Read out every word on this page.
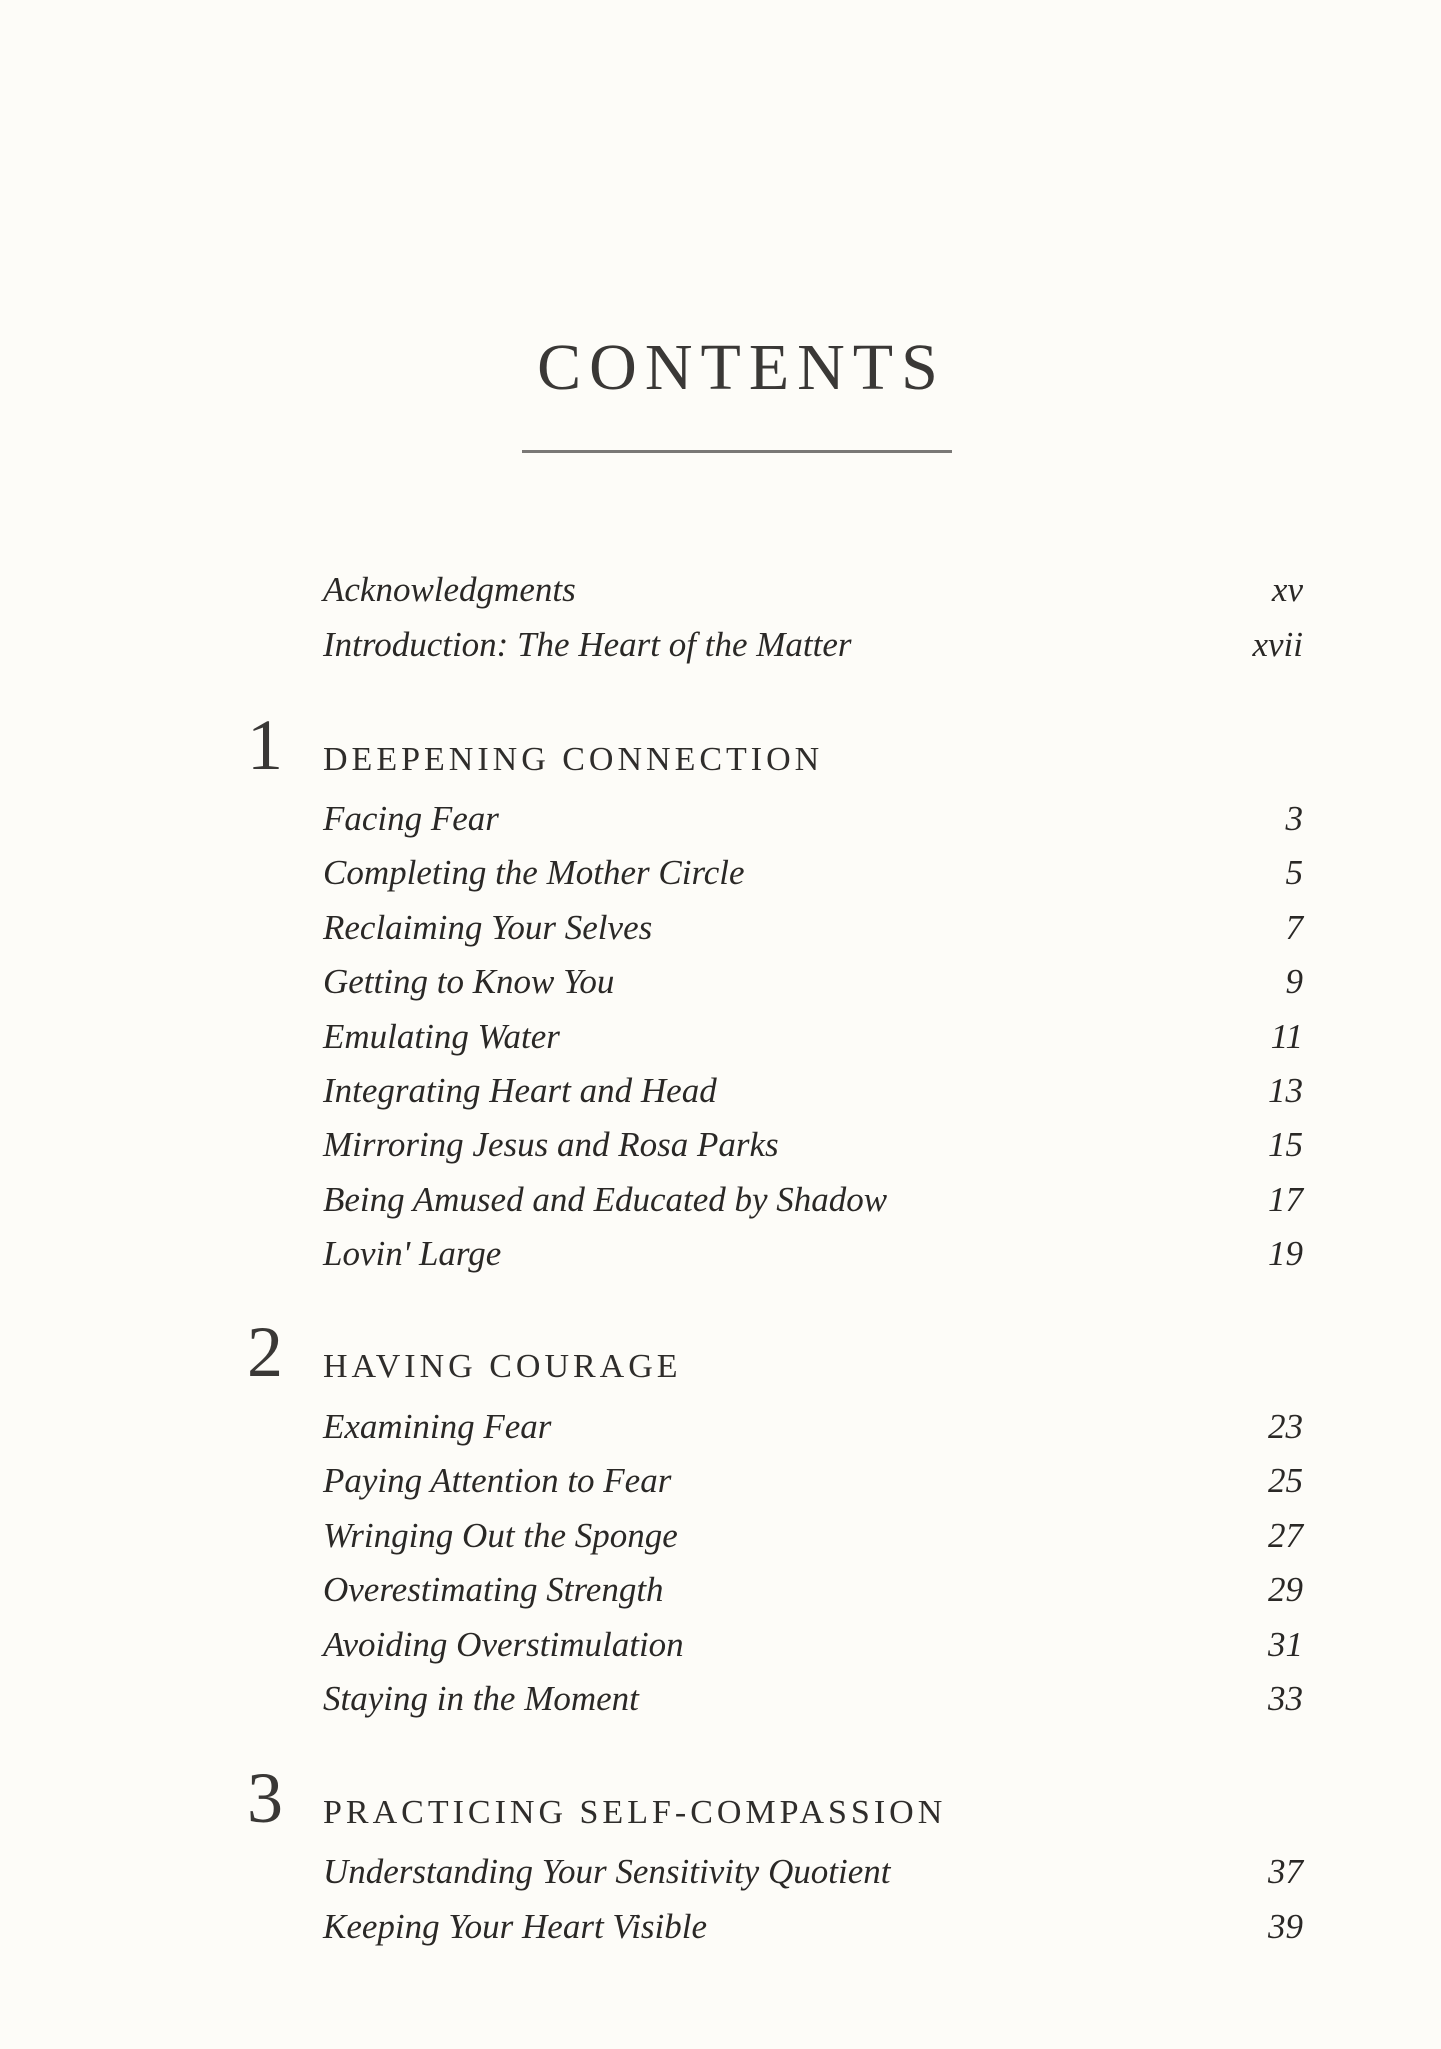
CONTENTS
Acknowledgments	xv
Introduction: The Heart of the Matter	xvii
1	DEEPENING CONNECTION
Facing Fear	3
Completing the Mother Circle	5
Reclaiming Your Selves	7
Getting to Know You	9
Emulating Water	11
Integrating Heart and Head	13
Mirroring Jesus and Rosa Parks	15
Being Amused and Educated by Shadow	17
Lovin' Large	19
2	HAVING COURAGE
Examining Fear	23
Paying Attention to Fear	25
Wringing Out the Sponge	27
Overestimating Strength	29
Avoiding Overstimulation	31
Staying in the Moment	33
3	PRACTICING SELF-COMPASSION
Understanding Your Sensitivity Quotient	37
Keeping Your Heart Visible	39
